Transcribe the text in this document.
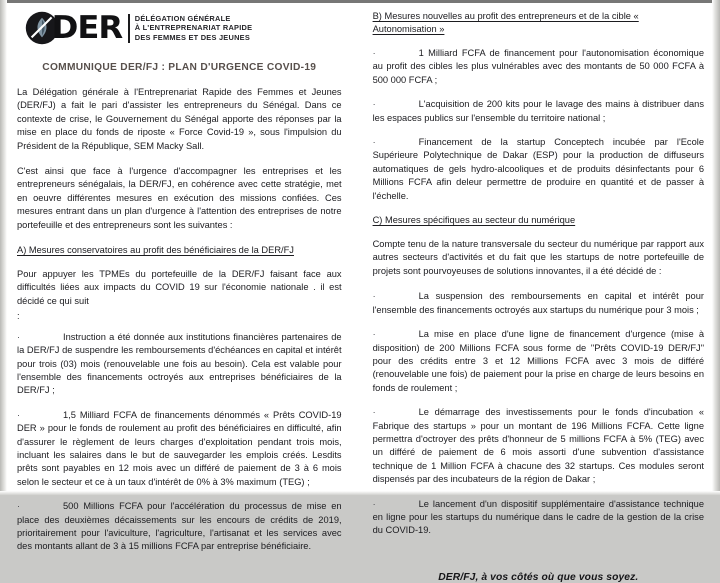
DER DÉLÉGATION GÉNÉRALE
À L'ENTREPRENARIAT RAPIDE
DES FEMMES ET DES JEUNES
COMMUNIQUE DER/FJ : PLAN D'URGENCE COVID-19

La Délégation générale à l'Entreprenariat Rapide des Femmes et Jeunes (DER/FJ) a fait le pari d'assister les entrepreneurs du Sénégal. Dans ce contexte de crise, le Gouvernement du Sénégal apporte des réponses par la mise en place du fonds de riposte « Force Covid-19 », sous l'impulsion du Président de la République, SEM Macky Sall.

C'est ainsi que face à l'urgence d'accompagner les entreprises et les entrepreneurs sénégalais, la DER/FJ, en cohérence avec cette stratégie, met en oeuvre différentes mesures en exécution des missions confiées. Ces mesures entrant dans un plan d'urgence à l'attention des entreprises de notre portefeuille et des entrepreneurs sont les suivantes :

A) Mesures conservatoires au profit des bénéficiaires de la DER/FJ

Pour appuyer les TPMEs du portefeuille de la DER/FJ faisant face aux difficultés liées aux impacts du COVID 19 sur l'économie nationale . il est décidé ce qui suit

:
·	Instruction a été donnée aux institutions financières partenaires de la DER/FJ de suspendre les remboursements d'échéances en capital et intérêt pour trois (03) mois (renouvelable une fois au besoin). Cela est valable pour l'ensemble des financements octroyés aux entreprises bénéficiaires de la DER/FJ ;
·	1,5 Milliard FCFA de financements dénommés « Prêts COVID-19 DER » pour le fonds de roulement au profit des bénéficiaires en difficulté, afin d'assurer le règlement de leurs charges d'exploitation pendant trois mois, incluant les salaires dans le but de sauvegarder les emplois créés. Lesdits prêts sont payables en 12 mois avec un différé de paiement de 3 à 6 mois selon le secteur et ce à un taux d'intérêt de 0% à 3% maximum (TEG) ;
·	500 Millions FCFA pour l'accélération du processus de mise en place des deuxièmes décaissements sur les encours de crédits de 2019, prioritairement pour l'aviculture, l'agriculture, l'artisanat et les services avec des montants allant de 3 à 15 millions FCFA par entreprise bénéficiaire.
B) Mesures nouvelles au profit des entrepreneurs et de la cible « Autonomisation »
·	1 Milliard FCFA de financement pour l'autonomisation économique au profit des cibles les plus vulnérables avec des montants de 50 000 FCFA à 500 000 FCFA ;
·	L'acquisition de 200 kits pour le lavage des mains à distribuer dans les espaces publics sur l'ensemble du territoire national ;
·	Financement de la startup Conceptech incubée par l'Ecole Supérieure Polytechnique de Dakar (ESP) pour la production de diffuseurs automatiques de gels hydro-alcooliques et de produits désinfectants pour 6 Millions FCFA afin deleur permettre de produire en quantité et de passer à l'échelle.
C) Mesures spécifiques au secteur du numérique

Compte tenu de la nature transversale du secteur du numérique par rapport aux autres secteurs d'activités et du fait que les startups de notre portefeuille de projets sont pourvoyeuses de solutions innovantes, il a été décidé de :

·	La suspension des remboursements en capital et intérêt pour l'ensemble des financements octroyés aux startups du numérique pour 3 mois ;
·	La mise en place d'une ligne de financement d'urgence (mise à disposition) de 200 Millions FCFA sous forme de "Prêts COVID-19 DER/FJ" pour des crédits entre 3 et 12 Millions FCFA avec 3 mois de différé (renouvelable une fois) de paiement pour la prise en charge de leurs besoins en fonds de roulement ;
·	Le démarrage des investissements pour le fonds d'incubation « Fabrique des startups » pour un montant de 196 Millions FCFA. Cette ligne permettra d'octroyer des prêts d'honneur de 5 millions FCFA à 5% (TEG) avec un différé de paiement de 6 mois assorti d'une subvention d'assistance technique de 1 Million FCFA à chacune des 32 startups. Ces modules seront dispensés par des incubateurs de la région de Dakar ;
·	Le lancement d'un dispositif supplémentaire d'assistance technique en ligne pour les startups du numérique dans le cadre de la gestion de la crise du COVID-19.
DER/FJ, à vos côtés où que vous soyez.
